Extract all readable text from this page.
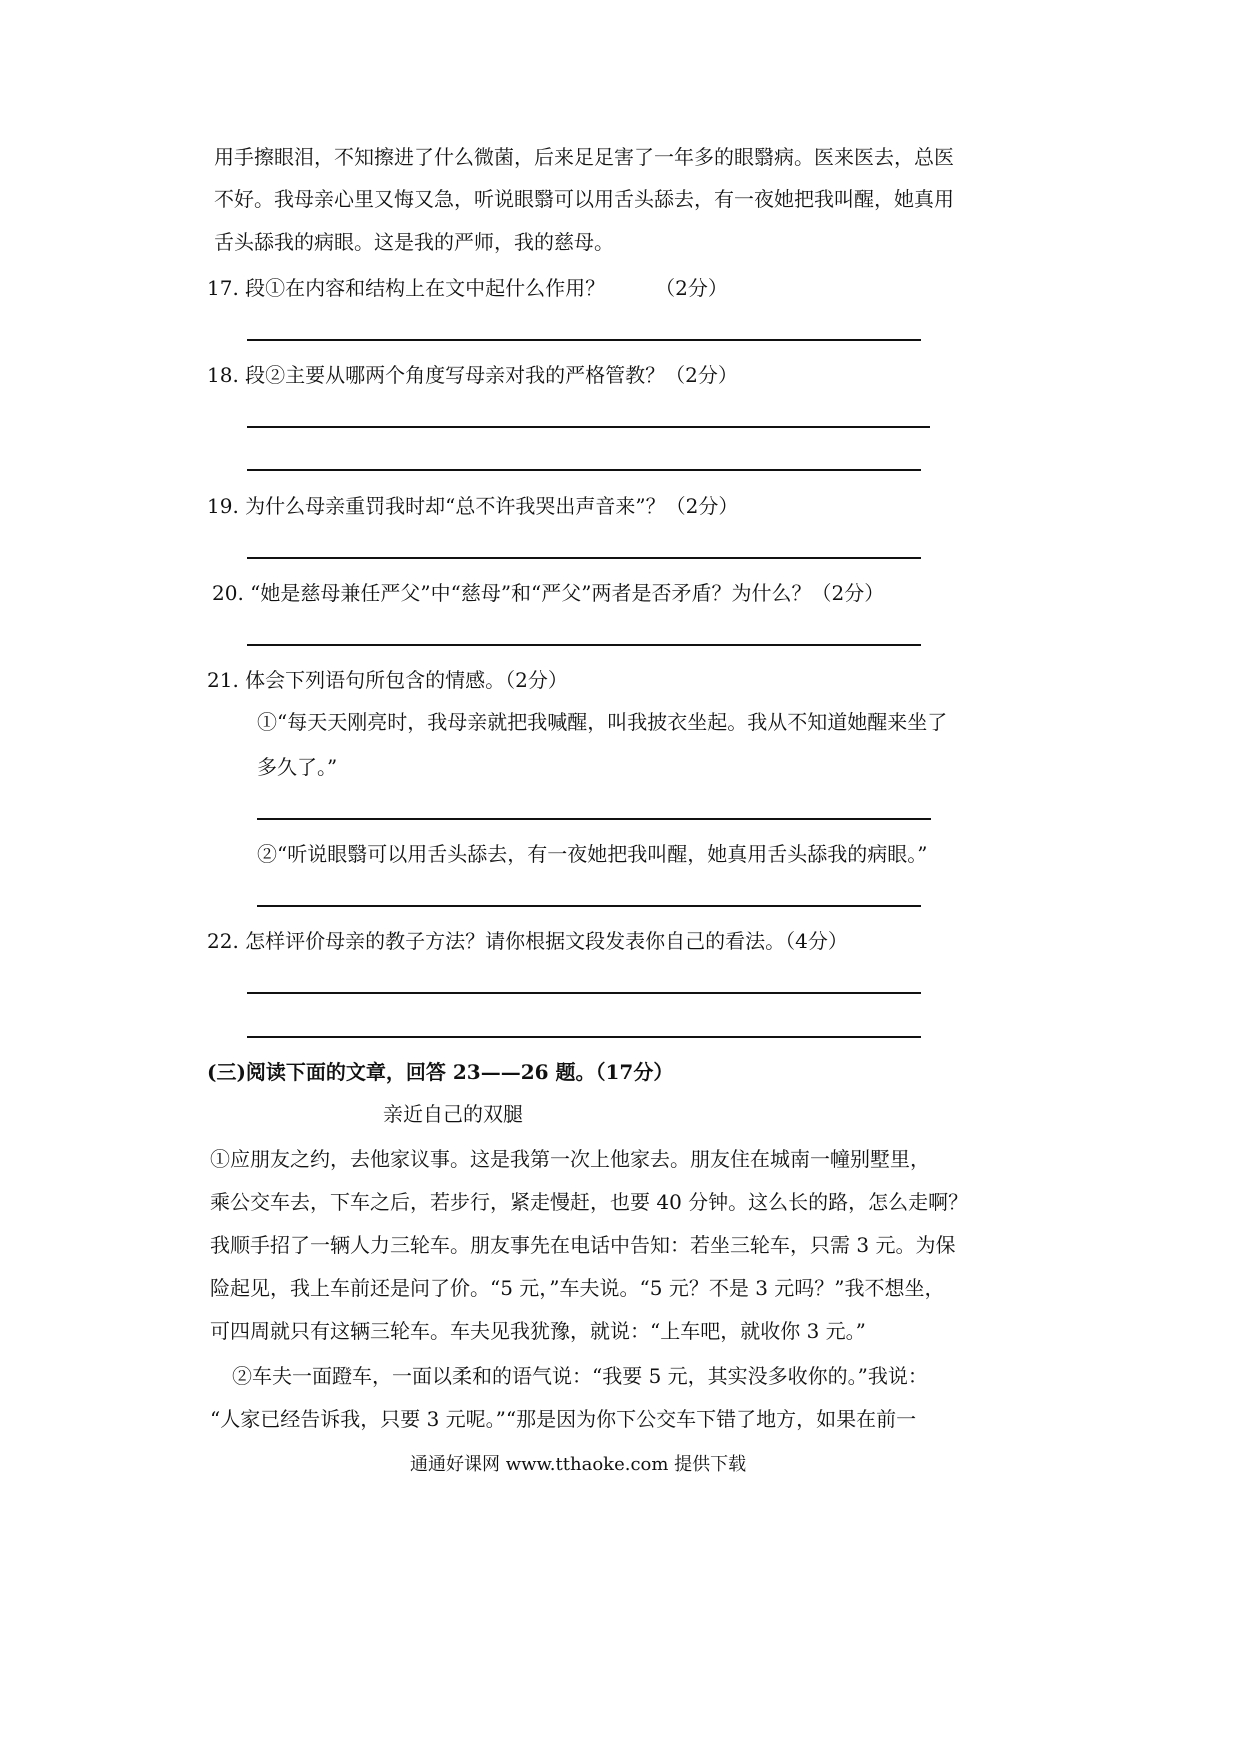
用手擦眼泪，不知擦进了什么微菌，后来足足害了一年多的眼翳病。医来医去，总医
不好。我母亲心里又悔又急，听说眼翳可以用舌头舔去，有一夜她把我叫醒，她真用
舌头舔我的病眼。这是我的严师，我的慈母。
17. 段①在内容和结构上在文中起什么作用？　　　（2分）
18. 段②主要从哪两个角度写母亲对我的严格管教？（2分）
19. 为什么母亲重罚我时却“总不许我哭出声音来”？（2分）
20. “她是慈母兼任严父”中“慈母”和“严父”两者是否矛盾？为什么？（2分）
21. 体会下列语句所包含的情感。（2分）
①“每天天刚亮时，我母亲就把我喊醒，叫我披衣坐起。我从不知道她醒来坐了
多久了。”
②“听说眼翳可以用舌头舔去，有一夜她把我叫醒，她真用舌头舔我的病眼。”
22. 怎样评价母亲的教子方法？请你根据文段发表你自己的看法。（4分）
(三)阅读下面的文章，回答 23——26 题。（17分）
亲近自己的双腿
①应朋友之约，去他家议事。这是我第一次上他家去。朋友住在城南一幢别墅里，
乘公交车去，下车之后，若步行，紧走慢赶，也要 40 分钟。这么长的路，怎么走啊？
我顺手招了一辆人力三轮车。朋友事先在电话中告知：若坐三轮车，只需 3 元。为保
险起见，我上车前还是问了价。“5 元，”车夫说。“5 元？不是 3 元吗？”我不想坐，
可四周就只有这辆三轮车。车夫见我犹豫，就说：“上车吧，就收你 3 元。”
②车夫一面蹬车，一面以柔和的语气说：“我要 5 元，其实没多收你的。”我说：
“人家已经告诉我，只要 3 元呢。”“那是因为你下公交车下错了地方，如果在前一
通通好课网 www.tthaoke.com 提供下载
